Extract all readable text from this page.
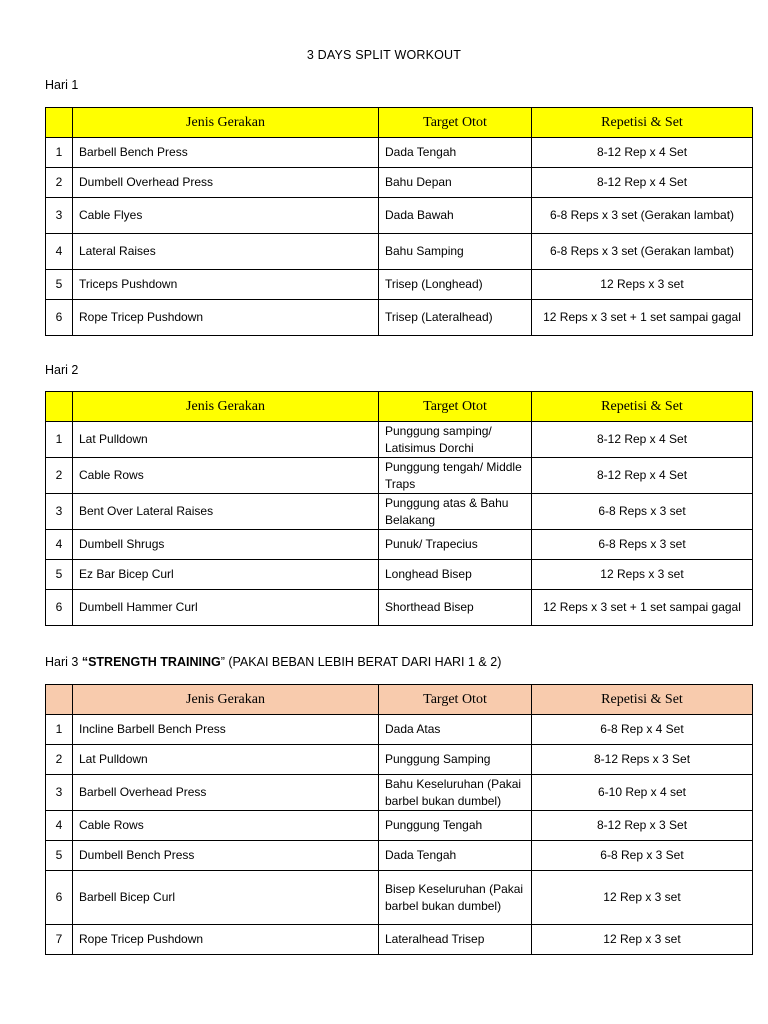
3 DAYS SPLIT WORKOUT
Hari 1
	Jenis Gerakan	Target Otot	Repetisi & Set
1	Barbell Bench Press	Dada Tengah	8-12 Rep x 4 Set
2	Dumbell Overhead Press	Bahu Depan	8-12 Rep x 4 Set
3	Cable Flyes	Dada Bawah	6-8 Reps x 3 set (Gerakan lambat)
4	Lateral Raises	Bahu Samping	6-8 Reps x 3 set (Gerakan lambat)
5	Triceps Pushdown	Trisep (Longhead)	12 Reps x 3 set
6	Rope Tricep Pushdown	Trisep (Lateralhead)	12 Reps x 3 set + 1 set sampai gagal
Hari 2
	Jenis Gerakan	Target Otot	Repetisi & Set
1	Lat Pulldown	Punggung samping/ Latisimus Dorchi	8-12 Rep x 4 Set
2	Cable Rows	Punggung tengah/ Middle Traps	8-12 Rep x 4 Set
3	Bent Over Lateral Raises	Punggung atas & Bahu Belakang	6-8 Reps x 3 set
4	Dumbell Shrugs	Punuk/ Trapecius	6-8 Reps x 3 set
5	Ez Bar Bicep Curl	Longhead Bisep	12 Reps x 3 set
6	Dumbell Hammer Curl	Shorthead Bisep	12 Reps x 3 set + 1 set sampai gagal
Hari 3 “STRENGTH TRAINING” (PAKAI BEBAN LEBIH BERAT DARI HARI 1 & 2)
	Jenis Gerakan	Target Otot	Repetisi & Set
1	Incline Barbell Bench Press	Dada Atas	6-8 Rep x 4 Set
2	Lat Pulldown	Punggung Samping	8-12 Reps x 3 Set
3	Barbell Overhead Press	Bahu Keseluruhan (Pakai barbel bukan dumbel)	6-10 Rep x 4 set
4	Cable Rows	Punggung Tengah	8-12 Rep x 3 Set
5	Dumbell Bench Press	Dada Tengah	6-8 Rep x 3 Set
6	Barbell Bicep Curl	Bisep Keseluruhan (Pakai barbel bukan dumbel)	12 Rep x 3 set
7	Rope Tricep Pushdown	Lateralhead Trisep	12 Rep x 3 set
